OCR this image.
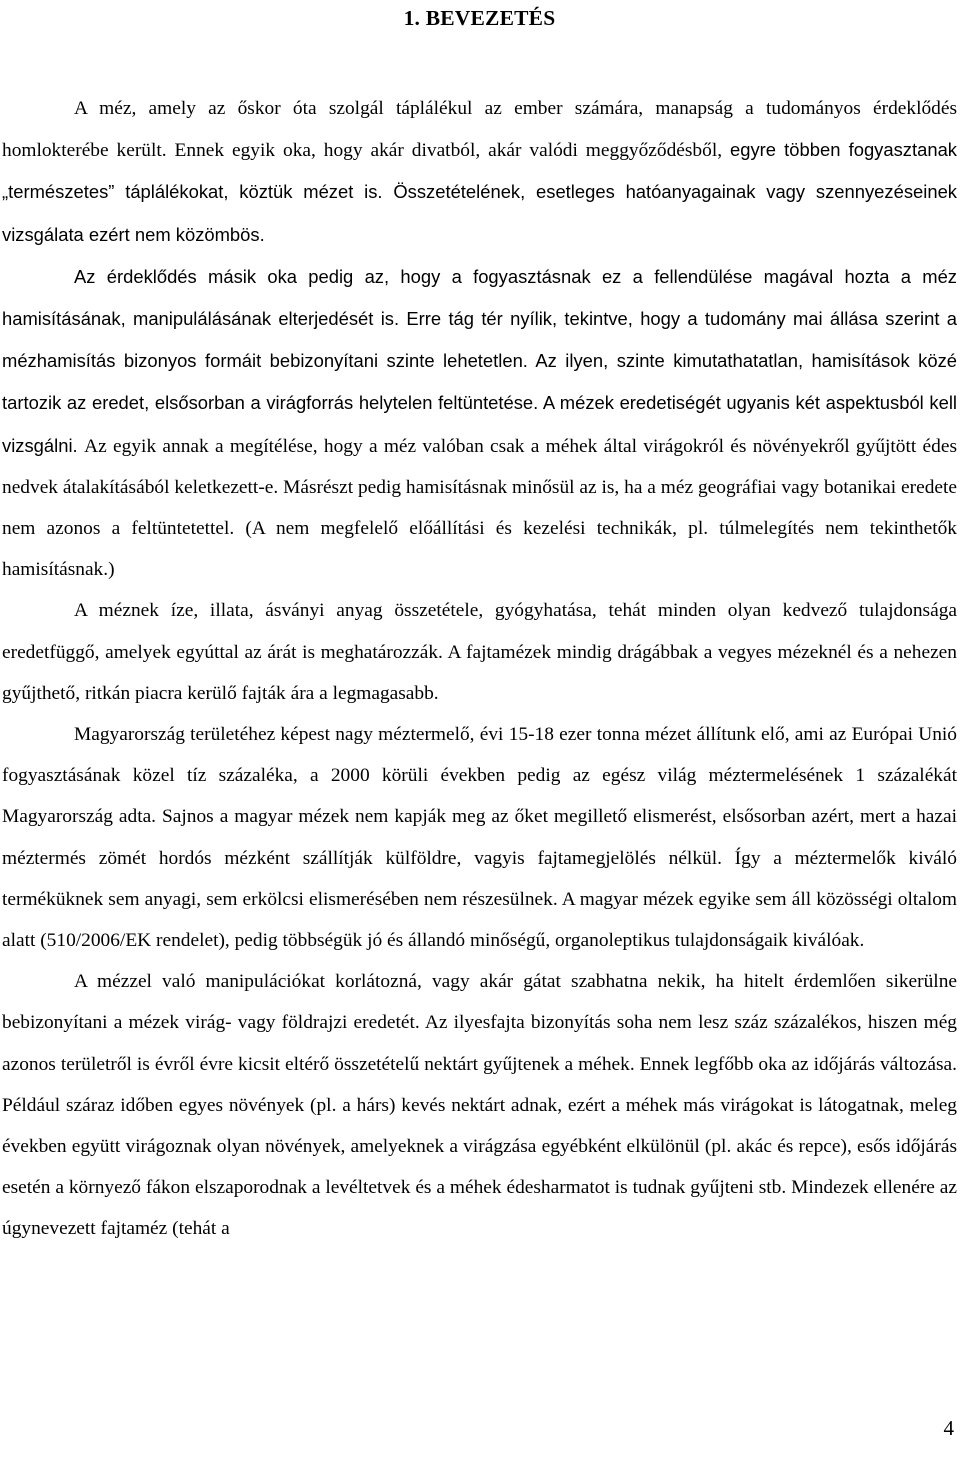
1. BEVEZETÉS

A méz, amely az őskor óta szolgál táplálékul az ember számára, manapság a tudományos érdeklődés homlokterébe került. Ennek egyik oka, hogy akár divatból, akár valódi meggyőződésből, egyre többen fogyasztanak „természetes” táplálékokat, köztük mézet is. Összetételének, esetleges hatóanyagainak vagy szennyezéseinek vizsgálata ezért nem közömbös.

Az érdeklődés másik oka pedig az, hogy a fogyasztásnak ez a fellendülése magával hozta a méz hamisításának, manipulálásának elterjedését is. Erre tág tér nyílik, tekintve, hogy a tudomány mai állása szerint a mézhamisítás bizonyos formáit bebizonyítani szinte lehetetlen. Az ilyen, szinte kimutathatatlan, hamisítások közé tartozik az eredet, elsősorban a virágforrás helytelen feltüntetése. A mézek eredetiségét ugyanis két aspektusból kell vizsgálni. Az egyik annak a megítélése, hogy a méz valóban csak a méhek által virágokról és növényekről gyűjtött édes nedvek átalakításából keletkezett-e. Másrészt pedig hamisításnak minősül az is, ha a méz geográfiai vagy botanikai eredete nem azonos a feltüntetettel. (A nem megfelelő előállítási és kezelési technikák, pl. túlmelegítés nem tekinthetők hamisításnak.)

A méznek íze, illata, ásványi anyag összetétele, gyógyhatása, tehát minden olyan kedvező tulajdonsága eredetfüggő, amelyek egyúttal az árát is meghatározzák. A fajtamézek mindig drágábbak a vegyes mézeknél és a nehezen gyűjthető, ritkán piacra kerülő fajták ára a legmagasabb.

Magyarország területéhez képest nagy méztermelő, évi 15-18 ezer tonna mézet állítunk elő, ami az Európai Unió fogyasztásának közel tíz százaléka, a 2000 körüli években pedig az egész világ méztermelésének 1 százalékát Magyarország adta. Sajnos a magyar mézek nem kapják meg az őket megillető elismerést, elsősorban azért, mert a hazai méztermés zömét hordós mézként szállítják külföldre, vagyis fajtamegjelölés nélkül. Így a méztermelők kiváló terméküknek sem anyagi, sem erkölcsi elismerésében nem részesülnek. A magyar mézek egyike sem áll közösségi oltalom alatt (510/2006/EK rendelet), pedig többségük jó és állandó minőségű, organoleptikus tulajdonságaik kiválóak.

A mézzel való manipulációkat korlátozná, vagy akár gátat szabhatna nekik, ha hitelt érdemlően sikerülne bebizonyítani a mézek virág- vagy földrajzi eredetét. Az ilyesfajta bizonyítás soha nem lesz száz százalékos, hiszen még azonos területről is évről évre kicsit eltérő összetételű nektárt gyűjtenek a méhek. Ennek legfőbb oka az időjárás változása. Például száraz időben egyes növények (pl. a hárs) kevés nektárt adnak, ezért a méhek más virágokat is látogatnak, meleg években együtt virágoznak olyan növények, amelyeknek a virágzása egyébként elkülönül (pl. akác és repce), esős időjárás esetén a környező fákon elszaporodnak a levéltetvek és a méhek édesharmatot is tudnak gyűjteni stb. Mindezek ellenére az úgynevezett fajtaméz (tehát a

4
